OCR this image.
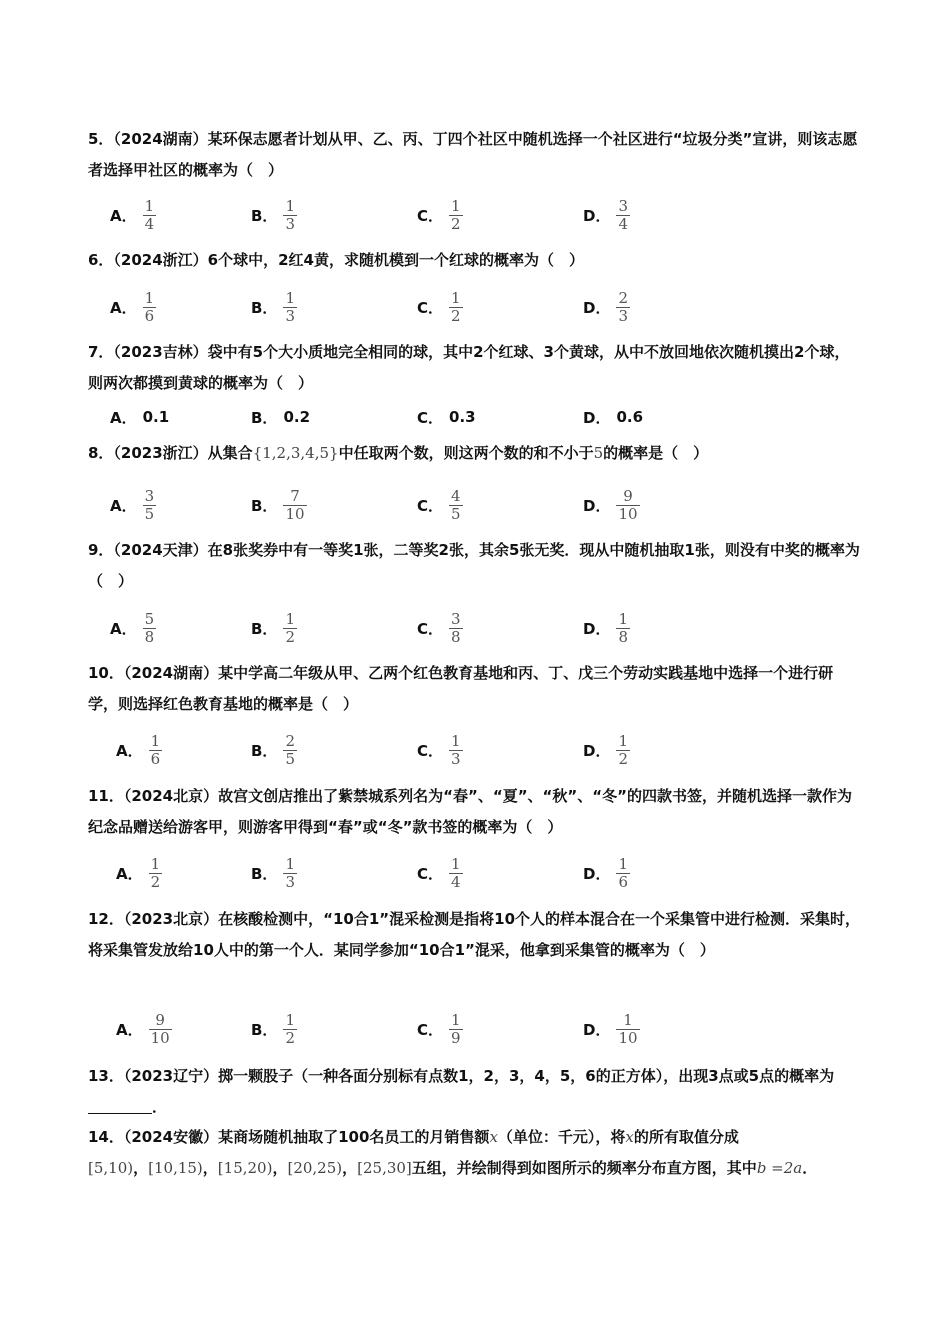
5．（2024湖南）某环保志愿者计划从甲、乙、丙、丁四个社区中随机选择一个社区进行“垃圾分类”宣讲，则该志愿者选择甲社区的概率为（　）
A． $\frac{1}{4}$	B． $\frac{1}{3}$	C． $\frac{1}{2}$	D． $\frac{3}{4}$
6．（2024浙江）6个球中，2红4黄，求随机模到一个红球的概率为（　）
A． $\frac{1}{6}$	B． $\frac{1}{3}$	C． $\frac{1}{2}$	D． $\frac{2}{3}$
7．（2023吉林）袋中有5个大小质地完全相同的球，其中2个红球、3个黄球，从中不放回地依次随机摸出2个球，则两次都摸到黄球的概率为（　）
A． 0.1	B． 0.2	C． 0.3	D． 0.6
8．（2023浙江）从集合{1,2,3,4,5}中任取两个数，则这两个数的和不小于5的概率是（　）
A． $\frac{3}{5}$	B． $\frac{7}{10}$	C． $\frac{4}{5}$	D． $\frac{9}{10}$
9．（2024天津）在8张奖券中有一等奖1张，二等奖2张，其余5张无奖．现从中随机抽取1张，则没有中奖的概率为（　）
A． $\frac{5}{8}$	B． $\frac{1}{2}$	C． $\frac{3}{8}$	D． $\frac{1}{8}$
10．（2024湖南）某中学高二年级从甲、乙两个红色教育基地和丙、丁、戊三个劳动实践基地中选择一个进行研学，则选择红色教育基地的概率是（　）
A． $\frac{1}{6}$	B． $\frac{2}{5}$	C． $\frac{1}{3}$	D． $\frac{1}{2}$
11．（2024北京）故宫文创店推出了紫禁城系列名为“春”、“夏”、“秋”、“冬”的四款书签，并随机选择一款作为纪念品赠送给游客甲，则游客甲得到“春”或“冬”款书签的概率为（　）
A． $\frac{1}{2}$	B． $\frac{1}{3}$	C． $\frac{1}{4}$	D． $\frac{1}{6}$
12．（2023北京）在核酸检测中，“10合1”混采检测是指将10个人的样本混合在一个采集管中进行检测．采集时，将采集管发放给10人中的第一个人．某同学参加“10合1”混采，他拿到采集管的概率为（　）
A． $\frac{9}{10}$	B． $\frac{1}{2}$	C． $\frac{1}{9}$	D． $\frac{1}{10}$
13．（2023辽宁）掷一颗股子（一种各面分别标有点数1，2，3，4，5，6的正方体），出现3点或5点的概率为．
14．（2024安徽）某商场随机抽取了100名员工的月销售额x（单位：千元），将x的所有取值分成
[5,10)，[10,15)，[15,20)，[20,25)，[25,30]五组，并绘制得到如图所示的频率分布直方图，其中b =2a．
